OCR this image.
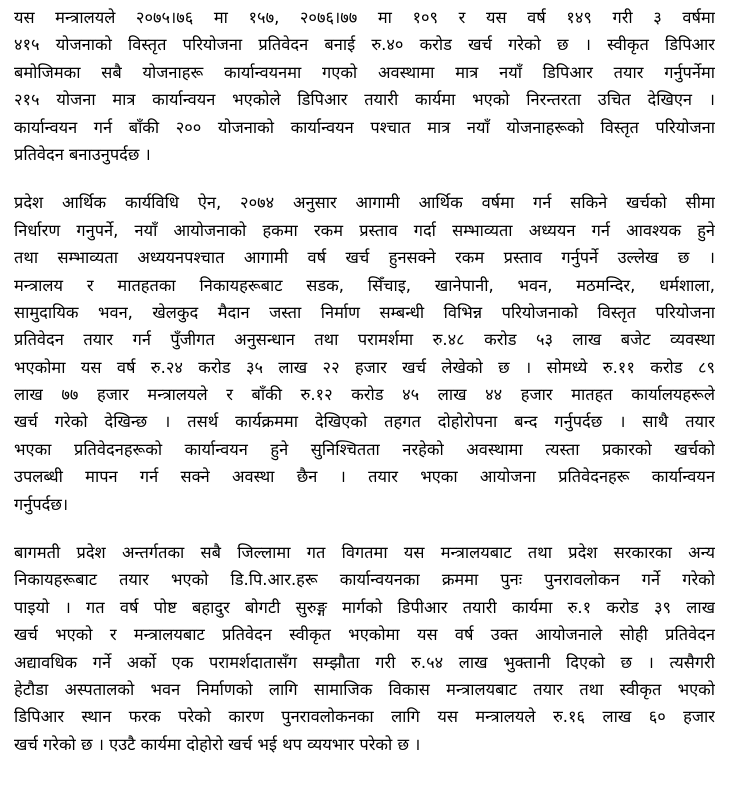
यस मन्त्रालयले २०७५।७६ मा १५७, २०७६।७७ मा १०९ र यस वर्ष १४९ गरी ३ वर्षमा
४१५ योजनाको विस्तृत परियोजना प्रतिवेदन बनाई रु.४० करोड खर्च गरेको छ । स्वीकृत डिपिआर
बमोजिमका सबै योजनाहरू कार्यान्वयनमा गएको अवस्थामा मात्र नयाँ डिपिआर तयार गर्नुपर्नेमा
२१५ योजना मात्र कार्यान्वयन भएकोले डिपिआर तयारी कार्यमा भएको निरन्तरता उचित देखिएन ।
कार्यान्वयन गर्न बाँकी २०० योजनाको कार्यान्वयन पश्चात मात्र नयाँ योजनाहरूको विस्तृत परियोजना
प्रतिवेदन बनाउनुपर्दछ ।
प्रदेश आर्थिक कार्यविधि ऐन, २०७४ अनुसार आगामी आर्थिक वर्षमा गर्न सकिने खर्चको सीमा
निर्धारण गनुपर्ने, नयाँ आयोजनाको हकमा रकम प्रस्ताव गर्दा सम्भाव्यता अध्ययन गर्न आवश्यक हुने
तथा सम्भाव्यता अध्ययनपश्चात आगामी वर्ष खर्च हुनसक्ने रकम प्रस्ताव गर्नुपर्ने उल्लेख छ ।
मन्त्रालय र मातहतका निकायहरूबाट सडक, सिँचाइ, खानेपानी, भवन, मठमन्दिर, धर्मशाला,
सामुदायिक भवन, खेलकुद मैदान जस्ता निर्माण सम्बन्धी विभिन्न परियोजनाको विस्तृत परियोजना
प्रतिवेदन तयार गर्न पुँजीगत अनुसन्धान तथा परामर्शमा रु.४८ करोड ५३ लाख बजेट व्यवस्था
भएकोमा यस वर्ष रु.२४ करोड ३५ लाख २२ हजार खर्च लेखेको छ । सोमध्ये रु.११ करोड ८९
लाख ७७ हजार मन्त्रालयले र बाँकी रु.१२ करोड ४५ लाख ४४ हजार मातहत कार्यालयहरूले
खर्च गरेको देखिन्छ । तसर्थ कार्यक्रममा देखिएको तहगत दोहोरोपना बन्द गर्नुपर्दछ । साथै तयार
भएका प्रतिवेदनहरूको कार्यान्वयन हुने सुनिश्चितता नरहेको अवस्थामा त्यस्ता प्रकारको खर्चको
उपलब्धी मापन गर्न सक्ने अवस्था छैन । तयार भएका आयोजना प्रतिवेदनहरू कार्यान्वयन
गर्नुपर्दछ।
बागमती प्रदेश अन्तर्गतका सबै जिल्लामा गत विगतमा यस मन्त्रालयबाट तथा प्रदेश सरकारका अन्य
निकायहरूबाट तयार भएको डि.पि.आर.हरू कार्यान्वयनका क्रममा पुनः पुनरावलोकन गर्ने गरेको
पाइयो । गत वर्ष पोष्ट बहादुर बोगटी सुरुङ्ग मार्गको डिपीआर तयारी कार्यमा रु.१ करोड ३९ लाख
खर्च भएको र मन्त्रालयबाट प्रतिवेदन स्वीकृत भएकोमा यस वर्ष उक्त आयोजनाले सोही प्रतिवेदन
अद्यावधिक गर्ने अर्को एक परामर्शदातासँग सम्झौता गरी रु.५४ लाख भुक्तानी दिएको छ । त्यसैगरी
हेटौडा अस्पतालको भवन निर्माणको लागि सामाजिक विकास मन्त्रालयबाट तयार तथा स्वीकृत भएको
डिपिआर स्थान फरक परेको कारण पुनरावलोकनका लागि यस मन्त्रालयले रु.१६ लाख ६० हजार
खर्च गरेको छ । एउटै कार्यमा दोहोरो खर्च भई थप व्ययभार परेको छ ।
